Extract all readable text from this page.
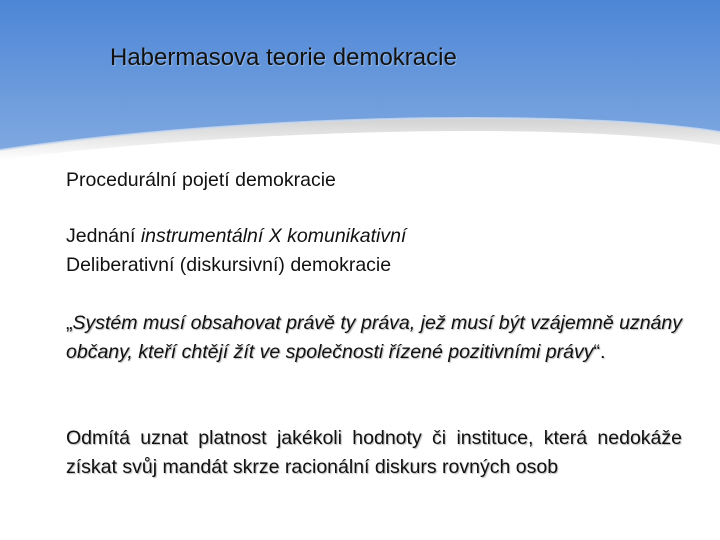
Habermasova teorie demokracie
Procedurální pojetí demokracie
Jednání instrumentální X komunikativní
Deliberativní (diskursivní) demokracie
„Systém musí obsahovat právě ty práva, jež musí být vzájemně uznány občany, kteří chtějí žít ve společnosti řízené pozitivními právy“.
Odmítá uznat platnost jakékoli hodnoty či instituce, která nedokáže získat svůj mandát skrze racionální diskurs rovných osob
